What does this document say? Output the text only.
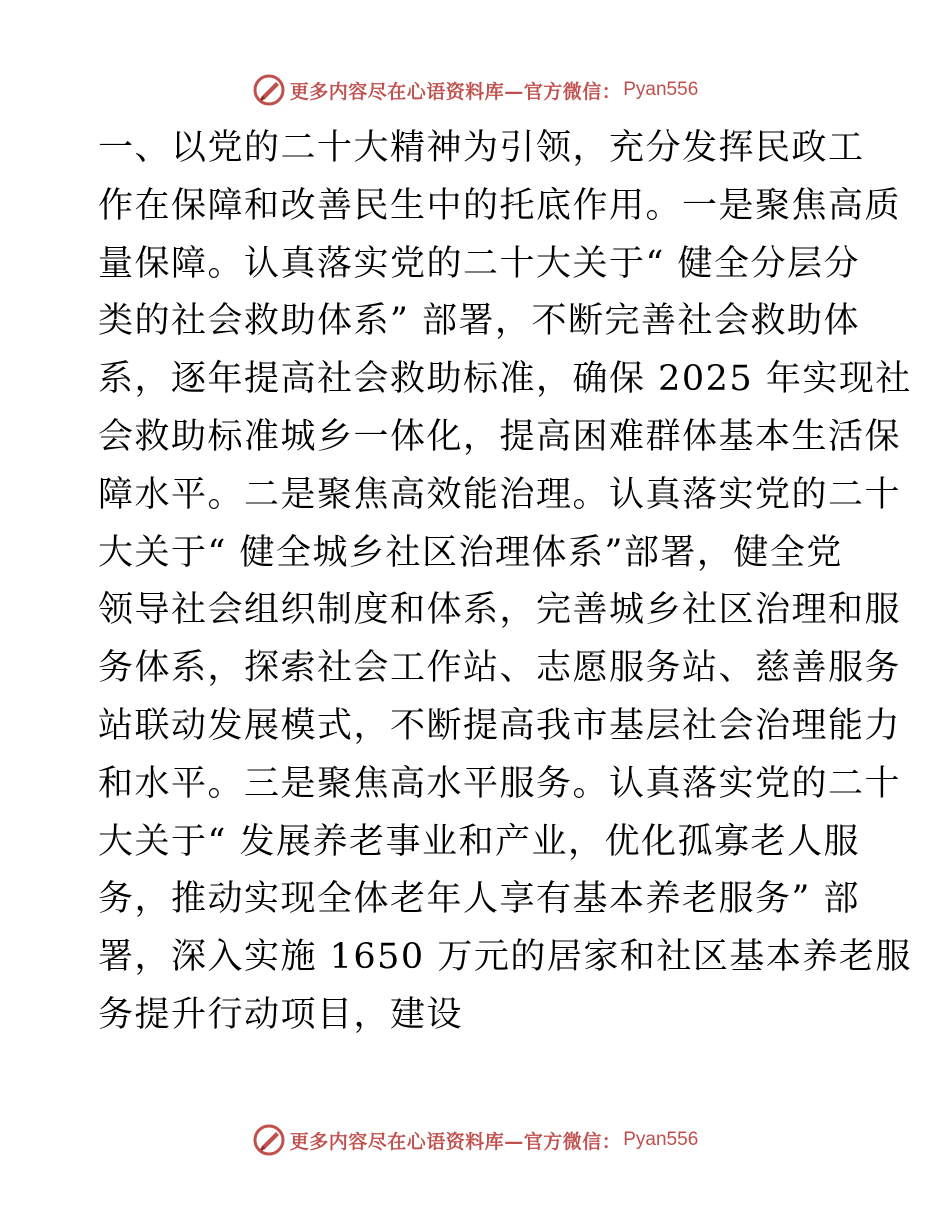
更多内容尽在心语资料库—官方微信： Pyan556
一、以党的二十大精神为引领，充分发挥民政工
作在保障和改善民生中的托底作用。一是聚焦高质
量保障。认真落实党的二十大关于“ 健全分层分
类的社会救助体系” 部署，不断完善社会救助体
系，逐年提高社会救助标准，确保 2025 年实现社
会救助标准城乡一体化，提高困难群体基本生活保
障水平。二是聚焦高效能治理。认真落实党的二十
大关于“ 健全城乡社区治理体系”部署，健全党
领导社会组织制度和体系，完善城乡社区治理和服
务体系，探索社会工作站、志愿服务站、慈善服务
站联动发展模式，不断提高我市基层社会治理能力
和水平。三是聚焦高水平服务。认真落实党的二十
大关于“ 发展养老事业和产业，优化孤寡老人服
务，推动实现全体老年人享有基本养老服务” 部
署，深入实施 1650 万元的居家和社区基本养老服
务提升行动项目，建设
更多内容尽在心语资料库—官方微信： Pyan556
